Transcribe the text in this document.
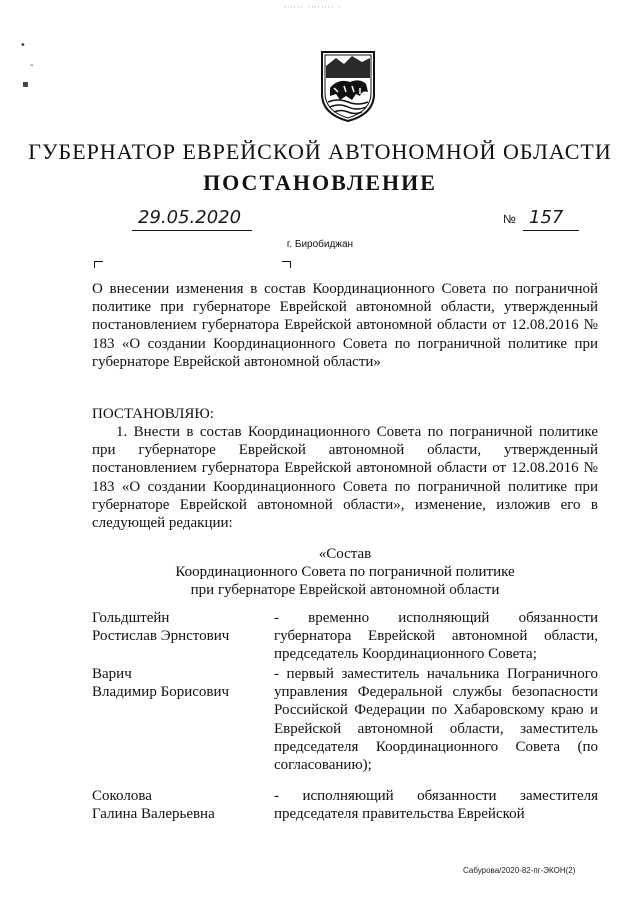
ꞏ·ꞏ··ꞏ ·ꞏꞏ··ꞏ·ꞏ ·
•
-
▪
ГУБЕРНАТОР ЕВРЕЙСКОЙ АВТОНОМНОЙ ОБЛАСТИ
ПОСТАНОВЛЕНИЕ
29.05.2020	№ 157
г. Биробиджан
О внесении изменения в состав Координационного Совета по пограничной политике при губернаторе Еврейской автономной области, утвержденный постановлением губернатора Еврейской автономной области от 12.08.2016 № 183 «О создании Координационного Совета по пограничной политике при губернаторе Еврейской автономной области»
ПОСТАНОВЛЯЮ:
1. Внести в состав Координационного Совета по пограничной политике при губернаторе Еврейской автономной области, утвержденный постановлением губернатора Еврейской автономной области от 12.08.2016 № 183 «О создании Координационного Совета по пограничной политике при губернаторе Еврейской автономной области», изменение, изложив его в следующей редакции:
«Состав
Координационного Совета по пограничной политике
при губернаторе Еврейской автономной области
Гольдштейн
Ростислав Эрнстович
- временно исполняющий обязанности губернатора Еврейской автономной области, председатель Координационного Совета;
Варич
Владимир Борисович
- первый заместитель начальника Пограничного управления Федеральной службы безопасности Российской Федерации по Хабаровскому краю и Еврейской автономной области, заместитель председателя Координационного Совета (по согласованию);
Соколова
Галина Валерьевна
- исполняющий обязанности заместителя председателя правительства Еврейской
Сабурова/2020-82-пг-ЭКОН(2)
